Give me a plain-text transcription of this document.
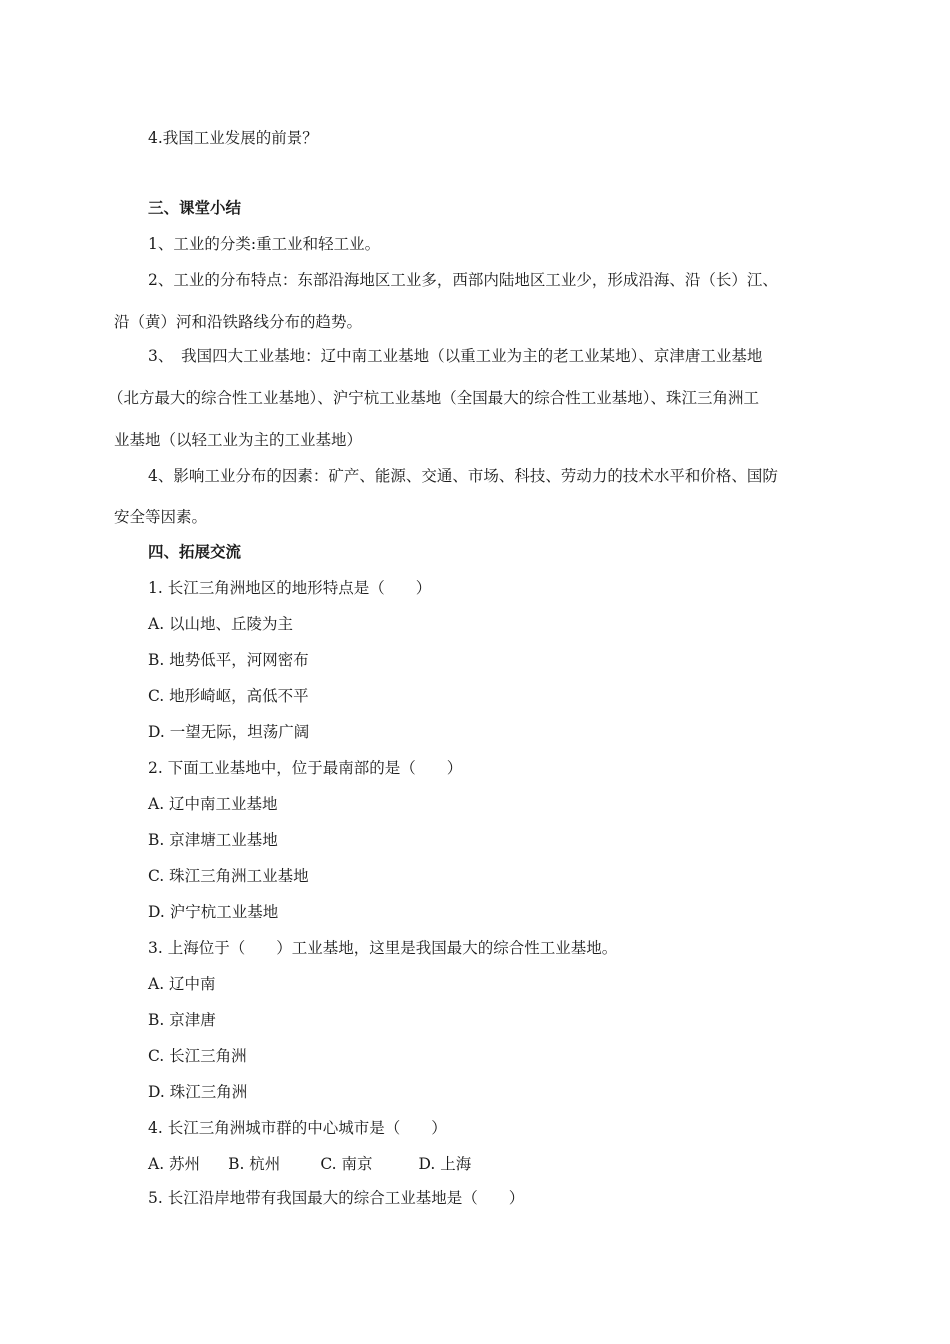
4.我国工业发展的前景？
三、课堂小结
1、工业的分类:重工业和轻工业。
2、工业的分布特点：东部沿海地区工业多，西部内陆地区工业少，形成沿海、沿（长）江、
沿（黄）河和沿铁路线分布的趋势。
3、　我国四大工业基地：辽中南工业基地（以重工业为主的老工业某地）、京津唐工业基地
（北方最大的综合性工业基地）、沪宁杭工业基地（全国最大的综合性工业基地）、珠江三角洲工
业基地（以轻工业为主的工业基地）
4、影响工业分布的因素：矿产、能源、交通、市场、科技、劳动力的技术水平和价格、国防
安全等因素。
四、拓展交流
1. 长江三角洲地区的地形特点是（　　）
A. 以山地、丘陵为主
B. 地势低平，河网密布
C. 地形崎岖，高低不平
D. 一望无际，坦荡广阔
2. 下面工业基地中，位于最南部的是（　　）
A. 辽中南工业基地
B. 京津塘工业基地
C. 珠江三角洲工业基地
D. 沪宁杭工业基地
3. 上海位于（　　）工业基地，这里是我国最大的综合性工业基地。
A. 辽中南
B. 京津唐
C. 长江三角洲
D. 珠江三角洲
4. 长江三角洲城市群的中心城市是（　　）
A. 苏州 B. 杭州	C. 南京	D. 上海
5. 长江沿岸地带有我国最大的综合工业基地是（　　）
